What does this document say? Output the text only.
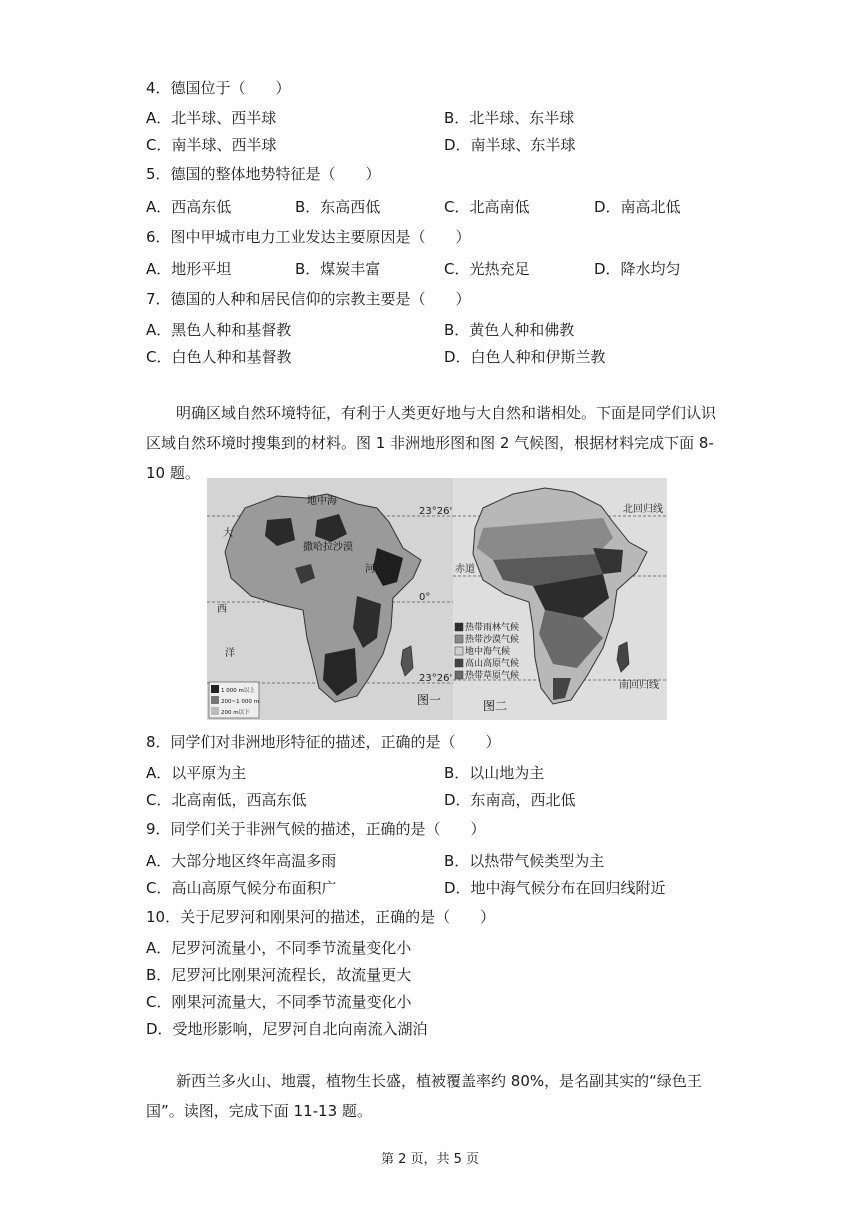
4．德国位于（　　）
A．北半球、西半球	B．北半球、东半球
C．南半球、西半球	D．南半球、东半球
5．德国的整体地势特征是（　　）
A．西高东低	B．东高西低	C．北高南低	D．南高北低
6．图中甲城市电力工业发达主要原因是（　　）
A．地形平坦	B．煤炭丰富	C．光热充足	D．降水均匀
7．德国的人种和居民信仰的宗教主要是（　　）
A．黑色人种和基督教	B．黄色人种和佛教
C．白色人种和基督教	D．白色人种和伊斯兰教
明确区域自然环境特征，有利于人类更好地与大自然和谐相处。下面是同学们认识区域自然环境时搜集到的材料。图 1 非洲地形图和图 2 气候图，根据材料完成下面 8-10 题。
地中海
撒哈拉沙漠
大
西
洋
河
23°26'
0°
23°26'
1 000 m以上
200~1 000 m
200 m以下
图一
北回归线
赤道
南回归线
热带雨林气候
热带沙漠气候
地中海气候
高山高原气候
热带草原气候
图二
8．同学们对非洲地形特征的描述，正确的是（　　）
A．以平原为主	B．以山地为主
C．北高南低，西高东低	D．东南高，西北低
9．同学们关于非洲气候的描述，正确的是（　　）
A．大部分地区终年高温多雨	B．以热带气候类型为主
C．高山高原气候分布面积广	D．地中海气候分布在回归线附近
10．关于尼罗河和刚果河的描述，正确的是（　　）
A．尼罗河流量小，不同季节流量变化小
B．尼罗河比刚果河流程长，故流量更大
C．刚果河流量大，不同季节流量变化小
D．受地形影响，尼罗河自北向南流入湖泊
新西兰多火山、地震，植物生长盛，植被覆盖率约 80%，是名副其实的“绿色王国”。读图，完成下面 11-13 题。
第 2 页，共 5 页
